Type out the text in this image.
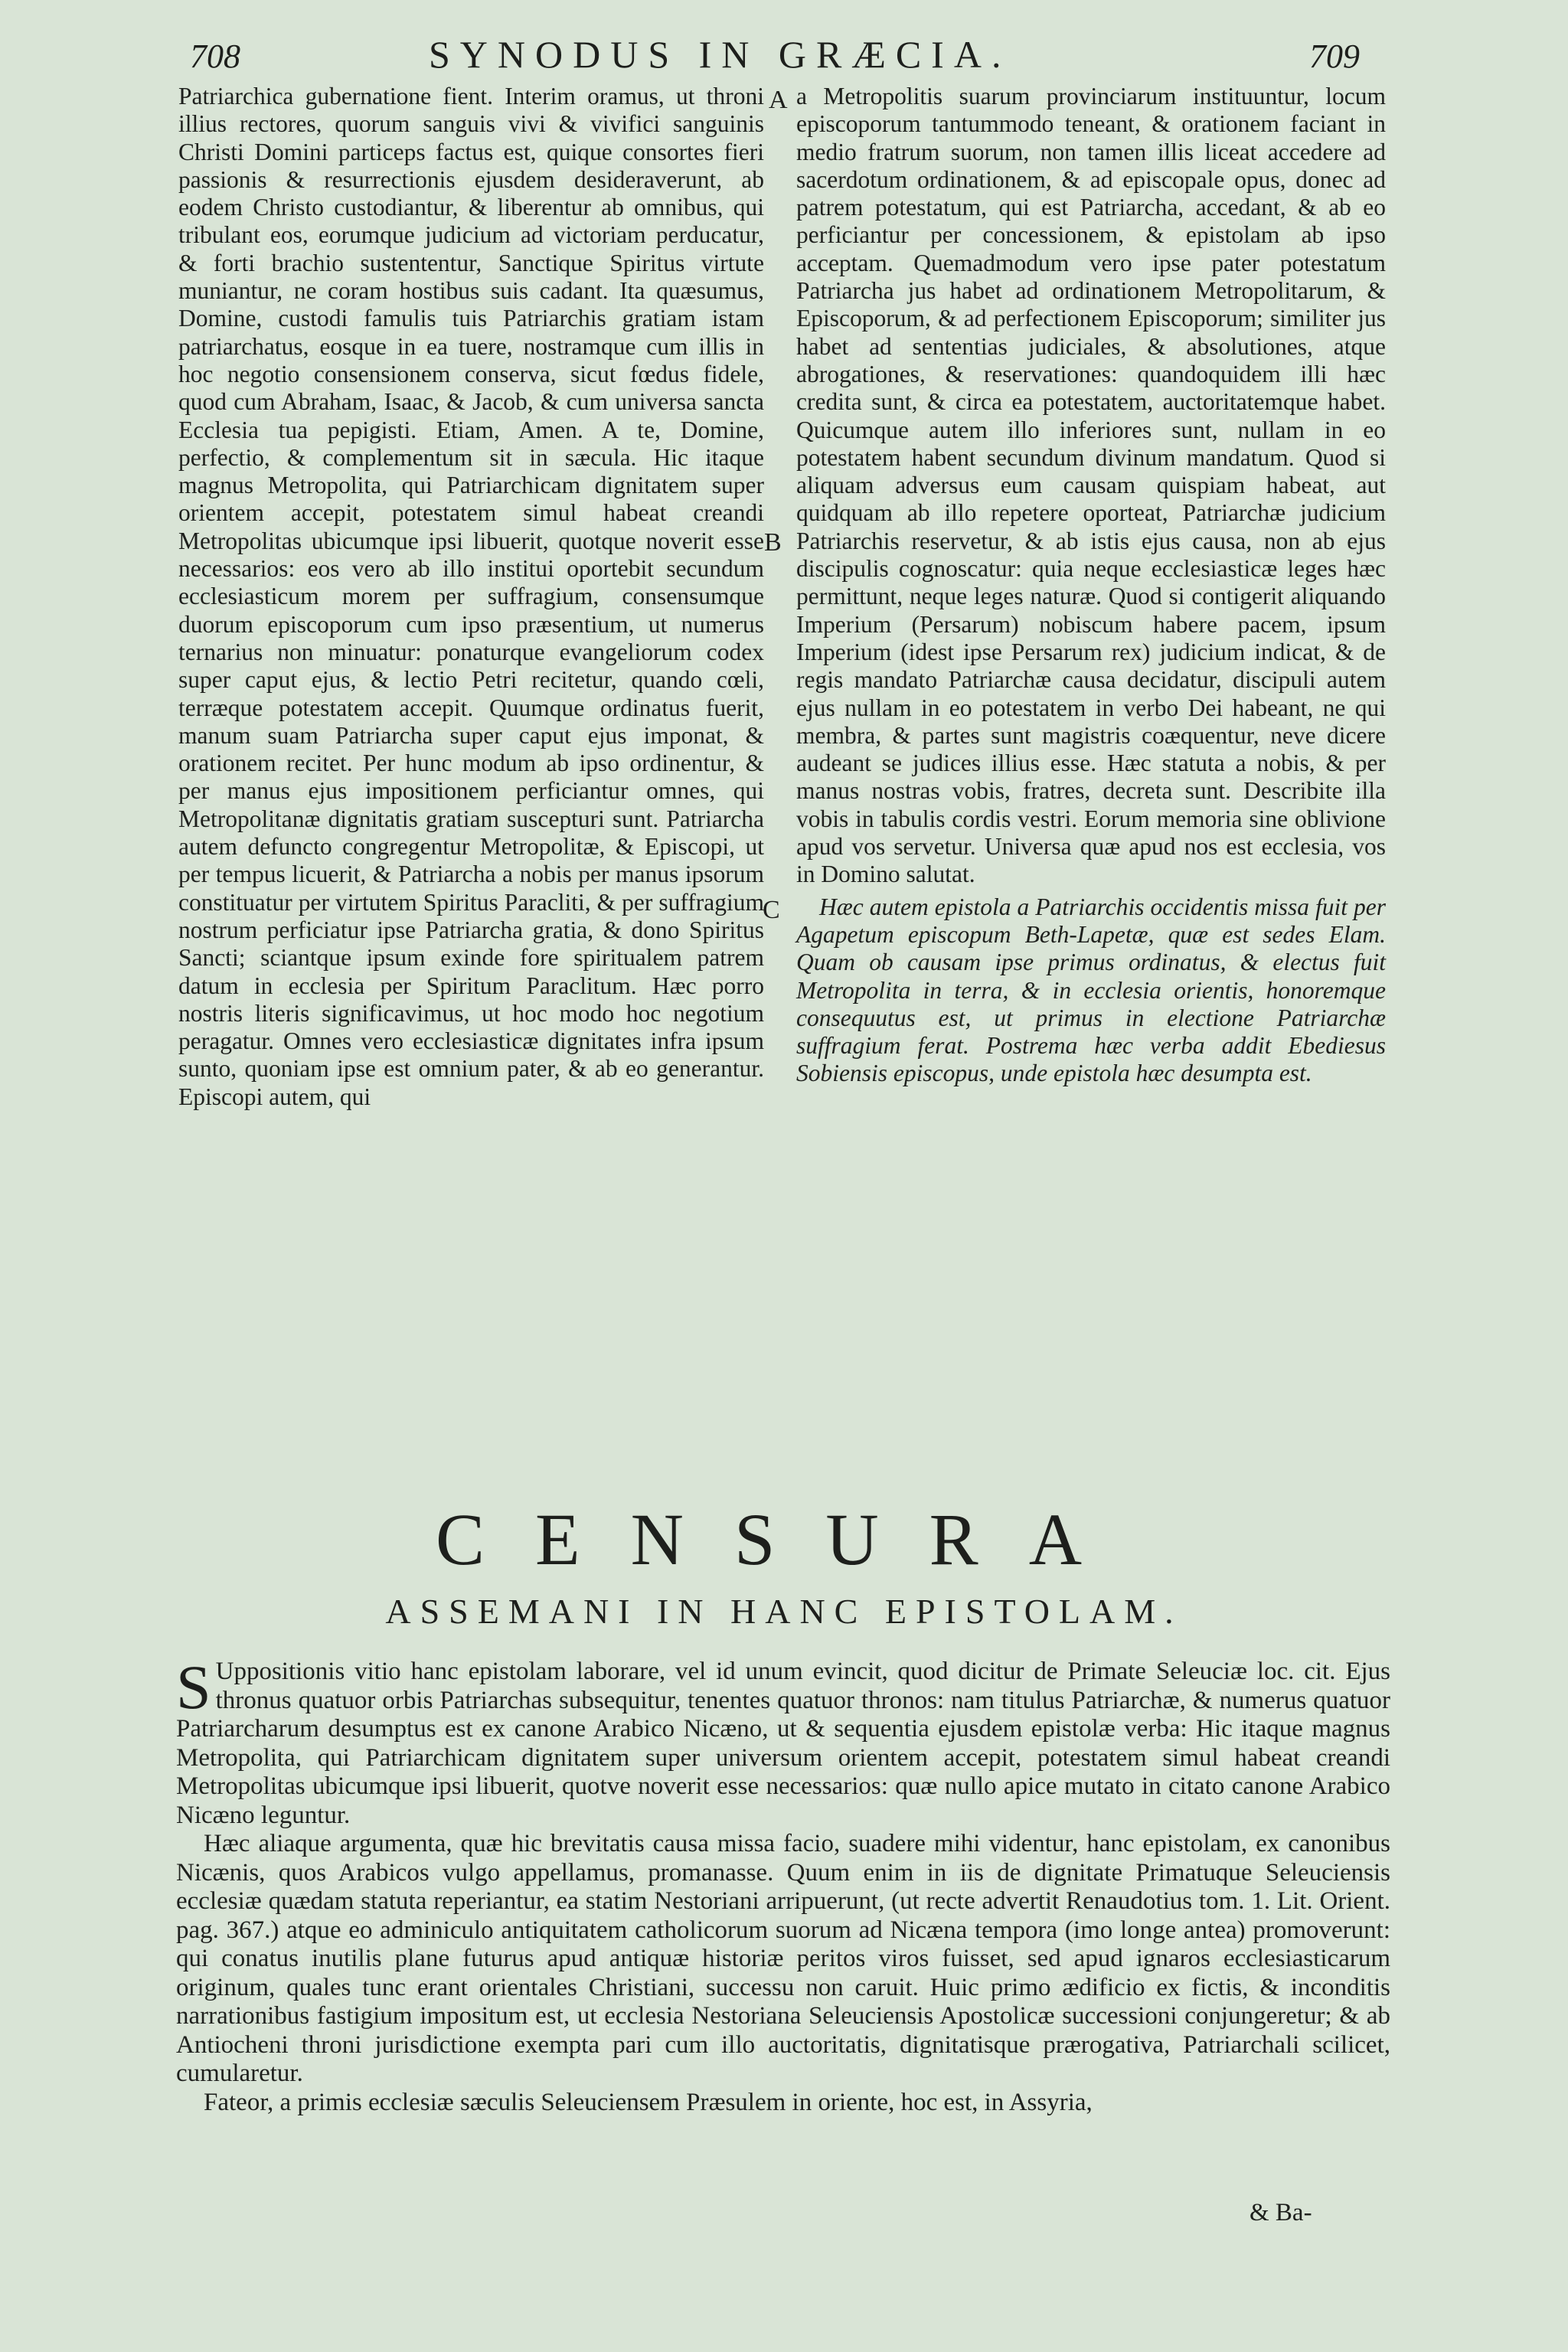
708	SYNODUS IN GRÆCIA.	709
A
B
C

Patriarchica gubernatione fient. Interim oramus, ut throni illius rectores, quorum sanguis vivi & vivifici sanguinis Christi Domini particeps factus est, quique consortes fieri passionis & resurrectionis ejusdem desideraverunt, ab eodem Christo custodiantur, & liberentur ab omnibus, qui tribulant eos, eorumque judicium ad victoriam perducatur, & forti brachio sustententur, Sanctique Spiritus virtute muniantur, ne coram hostibus suis cadant. Ita quæsumus, Domine, custodi famulis tuis Patriarchis gratiam istam patriarchatus, eosque in ea tuere, nostramque cum illis in hoc negotio consensionem conserva, sicut fœdus fidele, quod cum Abraham, Isaac, & Jacob, & cum universa sancta Ecclesia tua pepigisti. Etiam, Amen. A te, Domine, perfectio, & complementum sit in sæcula. Hic itaque magnus Metropolita, qui Patriarchicam dignitatem super orientem accepit, potestatem simul habeat creandi Metropolitas ubicumque ipsi libuerit, quotque noverit esse necessarios: eos vero ab illo institui oportebit secundum ecclesiasticum morem per suffragium, consensumque duorum episcoporum cum ipso præsentium, ut numerus ternarius non minuatur: ponaturque evangeliorum codex super caput ejus, & lectio Petri recitetur, quando cœli, terræque potestatem accepit. Quumque ordinatus fuerit, manum suam Patriarcha super caput ejus imponat, & orationem recitet. Per hunc modum ab ipso ordinentur, & per manus ejus impositionem perficiantur omnes, qui Metropolitanæ dignitatis gratiam suscepturi sunt. Patriarcha autem defuncto congregentur Metropolitæ, & Episcopi, ut per tempus licuerit, & Patriarcha a nobis per manus ipsorum constituatur per virtutem Spiritus Paracliti, & per suffragium nostrum perficiatur ipse Patriarcha gratia, & dono Spiritus Sancti; sciantque ipsum exinde fore spiritualem patrem datum in ecclesia per Spiritum Paraclitum. Hæc porro nostris literis significavimus, ut hoc modo hoc negotium peragatur. Omnes vero ecclesiasticæ dignitates infra ipsum sunto, quoniam ipse est omnium pater, & ab eo generantur. Episcopi autem, qui

a Metropolitis suarum provinciarum instituuntur, locum episcoporum tantummodo teneant, & orationem faciant in medio fratrum suorum, non tamen illis liceat accedere ad sacerdotum ordinationem, & ad episcopale opus, donec ad patrem potestatum, qui est Patriarcha, accedant, & ab eo perficiantur per concessionem, & epistolam ab ipso acceptam. Quemadmodum vero ipse pater potestatum Patriarcha jus habet ad ordinationem Metropolitarum, & Episcoporum, & ad perfectionem Episcoporum; similiter jus habet ad sententias judiciales, & absolutiones, atque abrogationes, & reservationes: quandoquidem illi hæc credita sunt, & circa ea potestatem, auctoritatemque habet. Quicumque autem illo inferiores sunt, nullam in eo potestatem habent secundum divinum mandatum. Quod si aliquam adversus eum causam quispiam habeat, aut quidquam ab illo repetere oporteat, Patriarchæ judicium Patriarchis reservetur, & ab istis ejus causa, non ab ejus discipulis cognoscatur: quia neque ecclesiasticæ leges hæc permittunt, neque leges naturæ. Quod si contigerit aliquando Imperium (Persarum) nobiscum habere pacem, ipsum Imperium (idest ipse Persarum rex) judicium indicat, & de regis mandato Patriarchæ causa decidatur, discipuli autem ejus nullam in eo potestatem in verbo Dei habeant, ne qui membra, & partes sunt magistris coæquentur, neve dicere audeant se judices illius esse. Hæc statuta a nobis, & per manus nostras vobis, fratres, decreta sunt. Describite illa vobis in tabulis cordis vestri. Eorum memoria sine oblivione apud vos servetur. Universa quæ apud nos est ecclesia, vos in Domino salutat.

Hæc autem epistola a Patriarchis occidentis missa fuit per Agapetum episcopum Beth-Lapetæ, quæ est sedes Elam. Quam ob causam ipse primus ordinatus, & electus fuit Metropolita in terra, & in ecclesia orientis, honoremque consequutus est, ut primus in electione Patriarchæ suffragium ferat. Postrema hæc verba addit Ebediesus Sobiensis episcopus, unde epistola hæc desumpta est.

CENSURA
ASSEMANI IN HANC EPISTOLAM.

S Uppositionis vitio hanc epistolam laborare, vel id unum evincit, quod dicitur de Primate Seleuciæ loc. cit. Ejus thronus quatuor orbis Patriarchas subsequitur, tenentes quatuor thronos: nam titulus Patriarchæ, & numerus quatuor Patriarcharum desumptus est ex canone Arabico Nicæno, ut & sequentia ejusdem epistolæ verba: Hic itaque magnus Metropolita, qui Patriarchicam dignitatem super universum orientem accepit, potestatem simul habeat creandi Metropolitas ubicumque ipsi libuerit, quotve noverit esse necessarios: quæ nullo apice mutato in citato canone Arabico Nicæno leguntur.

Hæc aliaque argumenta, quæ hic brevitatis causa missa facio, suadere mihi videntur, hanc epistolam, ex canonibus Nicænis, quos Arabicos vulgo appellamus, promanasse. Quum enim in iis de dignitate Primatuque Seleuciensis ecclesiæ quædam statuta reperiantur, ea statim Nestoriani arripuerunt, (ut recte advertit Renaudotius tom. 1. Lit. Orient. pag. 367.) atque eo adminiculo antiquitatem catholicorum suorum ad Nicæna tempora (imo longe antea) promoverunt: qui conatus inutilis plane futurus apud antiquæ historiæ peritos viros fuisset, sed apud ignaros ecclesiasticarum originum, quales tunc erant orientales Christiani, successu non caruit. Huic primo ædificio ex fictis, & inconditis narrationibus fastigium impositum est, ut ecclesia Nestoriana Seleuciensis Apostolicæ successioni conjungeretur; & ab Antiocheni throni jurisdictione exempta pari cum illo auctoritatis, dignitatisque prærogativa, Patriarchali scilicet, cumularetur.

Fateor, a primis ecclesiæ sæculis Seleuciensem Præsulem in oriente, hoc est, in Assyria,

& Ba-
